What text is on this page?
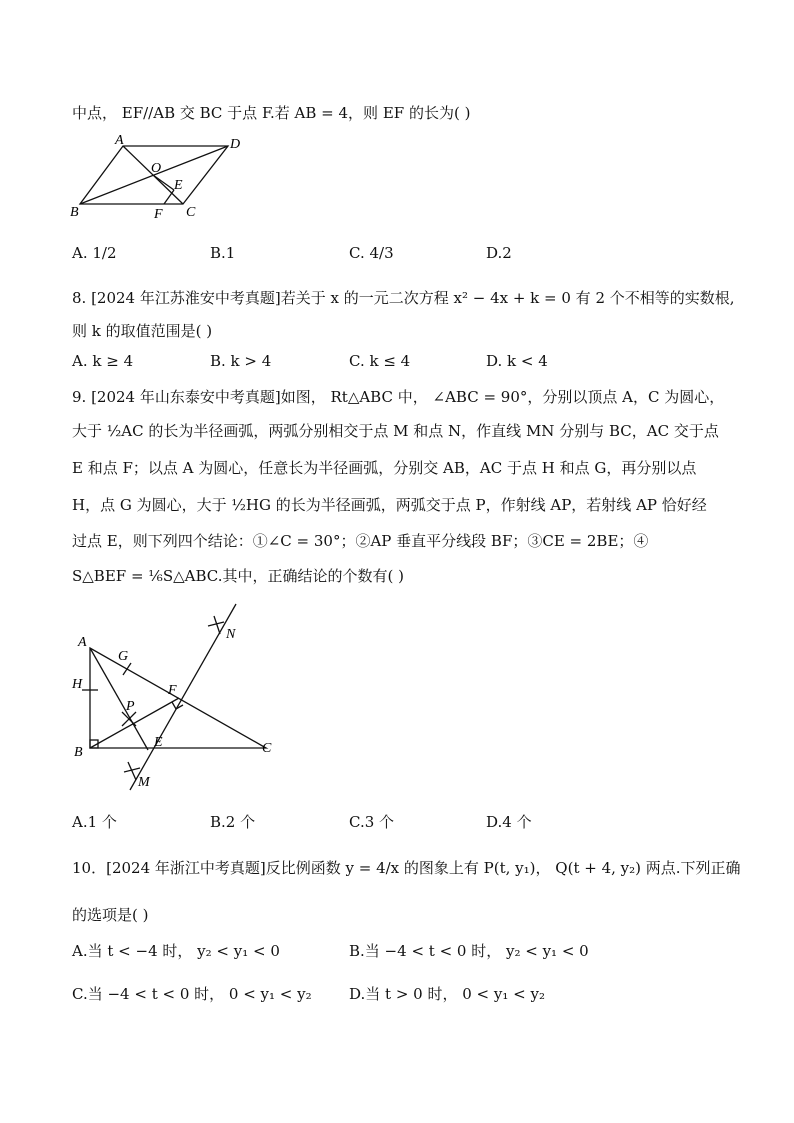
中点， EF//AB 交 BC 于点 F.若 AB = 4，则 EF 的长为( )
A	D
O
E
B	F C
A. 1/2	B.1	C. 4/3	D.2
8. [2024 年江苏淮安中考真题]若关于 x 的一元二次方程 x² − 4x + k = 0 有 2 个不相等的实数根,
则 k 的取值范围是( )
A. k ≥ 4	B. k > 4	C. k ≤ 4	D. k < 4
9. [2024 年山东泰安中考真题]如图， Rt△ABC 中， ∠ABC = 90°，分别以顶点 A，C 为圆心，
大于 ½AC 的长为半径画弧，两弧分别相交于点 M 和点 N，作直线 MN 分别与 BC，AC 交于点
E 和点 F；以点 A 为圆心，任意长为半径画弧，分别交 AB，AC 于点 H 和点 G，再分别以点
H，点 G 为圆心，大于 ½HG 的长为半径画弧，两弧交于点 P，作射线 AP，若射线 AP 恰好经
过点 E，则下列四个结论：①∠C = 30°；②AP 垂直平分线段 BF；③CE = 2BE；④
S△BEF = ⅙S△ABC.其中，正确结论的个数有( )
A
G
N
H	F
P
B
E	C
M
A.1 个	B.2 个	C.3 个	D.4 个
10．[2024 年浙江中考真题]反比例函数 y = 4/x 的图象上有 P(t, y₁)， Q(t + 4, y₂) 两点.下列正确
的选项是( )
A.当 t < −4 时， y₂ < y₁ < 0	B.当 −4 < t < 0 时， y₂ < y₁ < 0
C.当 −4 < t < 0 时， 0 < y₁ < y₂ D.当 t > 0 时， 0 < y₁ < y₂
